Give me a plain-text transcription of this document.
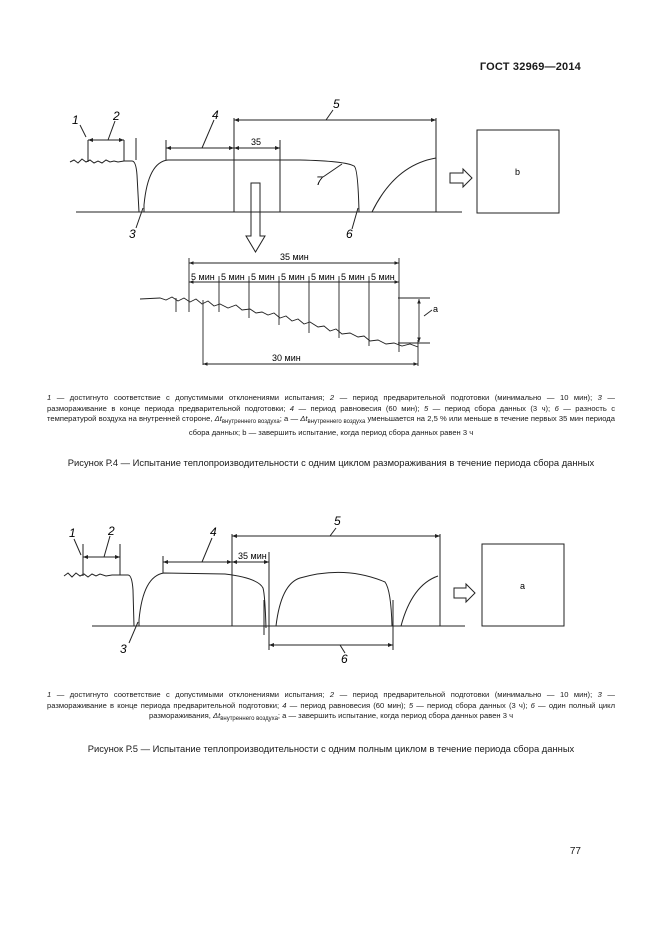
ГОСТ 32969—2014
1	2	4
5
7
3	6
35
b
35 мин
5 мин 5 мин 5 мин 5 мин 5 мин 5 мин 5 мин
30 мин
a
1 — достигнуто соответствие с допустимыми отклонениями испытания; 2 — период предварительной подготовки (минимально — 10 мин); 3 — размораживание в конце периода предварительной подготовки; 4 — период равновесия (60 мин); 5 — период сбора данных (3 ч); 6 — разность с температурой воздуха на внутренней стороне, $\Delta t_{внутреннего воздуха}$; а — $\Delta t_{внутреннего воздуха}$ уменьшается на 2,5 % или меньше в течение первых 35 мин периода сбора данных; b — завершить испытание, когда период сбора данных равен 3 ч
Рисунок Р.4 — Испытание теплопроизводительности с одним циклом размораживания в течение периода сбора данных
1	2	4
5
3
6
35 мин
a
1 — достигнуто соответствие с допустимыми отклонениями испытания; 2 — период предварительной подготовки (минимально — 10 мин); 3 — размораживание в конце периода предварительной подготовки; 4 — период равновесия (60 мин); 5 — период сбора данных (3 ч); 6 — один полный цикл размораживания, $\Delta t_{внутреннего воздуха}$; а — завершить испытание, когда период сбора данных равен 3 ч
Рисунок Р.5 — Испытание теплопроизводительности с одним полным циклом в течение периода сбора данных
77
